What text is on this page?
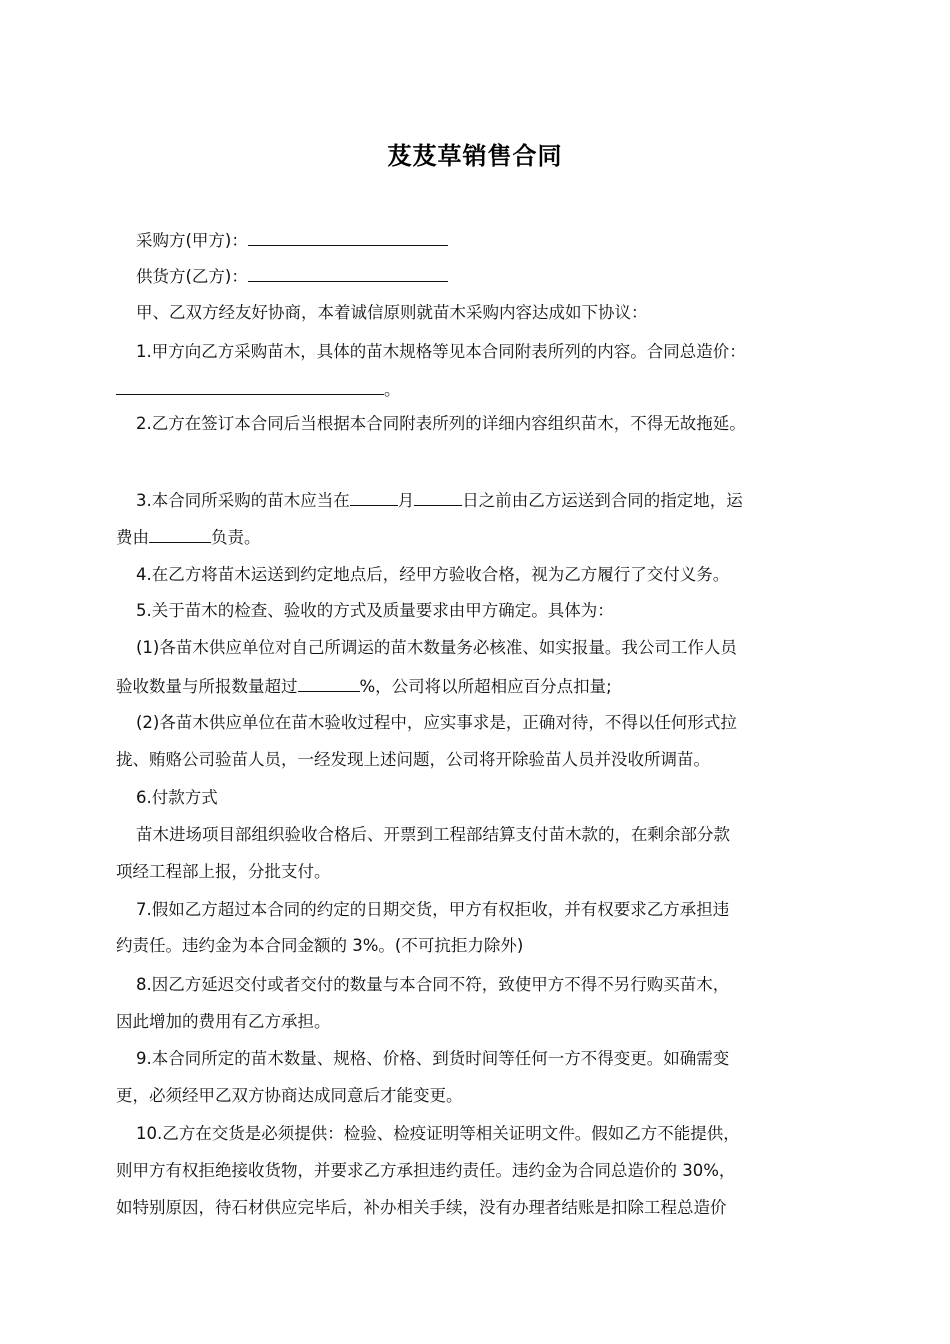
芨芨草销售合同
采购方(甲方)：
供货方(乙方)：
甲、乙双方经友好协商，本着诚信原则就苗木采购内容达成如下协议：
1.甲方向乙方采购苗木，具体的苗木规格等见本合同附表所列的内容。合同总造价：
。
2.乙方在签订本合同后当根据本合同附表所列的详细内容组织苗木，不得无故拖延。
3.本合同所采购的苗木应当在	月	日之前由乙方运送到合同的指定地，运
费由	负责。
4.在乙方将苗木运送到约定地点后，经甲方验收合格，视为乙方履行了交付义务。
5.关于苗木的检查、验收的方式及质量要求由甲方确定。具体为：
(1)各苗木供应单位对自己所调运的苗木数量务必核准、如实报量。我公司工作人员
验收数量与所报数量超过	%，公司将以所超相应百分点扣量;
(2)各苗木供应单位在苗木验收过程中，应实事求是，正确对待，不得以任何形式拉
拢、贿赂公司验苗人员，一经发现上述问题，公司将开除验苗人员并没收所调苗。
6.付款方式
苗木进场项目部组织验收合格后、开票到工程部结算支付苗木款的，在剩余部分款
项经工程部上报，分批支付。
7.假如乙方超过本合同的约定的日期交货，甲方有权拒收，并有权要求乙方承担违
约责任。违约金为本合同金额的 3%。(不可抗拒力除外)
8.因乙方延迟交付或者交付的数量与本合同不符，致使甲方不得不另行购买苗木，
因此增加的费用有乙方承担。
9.本合同所定的苗木数量、规格、价格、到货时间等任何一方不得变更。如确需变
更，必须经甲乙双方协商达成同意后才能变更。
10.乙方在交货是必须提供：检验、检疫证明等相关证明文件。假如乙方不能提供，
则甲方有权拒绝接收货物，并要求乙方承担违约责任。违约金为合同总造价的 30%，
如特别原因，待石材供应完毕后，补办相关手续，没有办理者结账是扣除工程总造价
